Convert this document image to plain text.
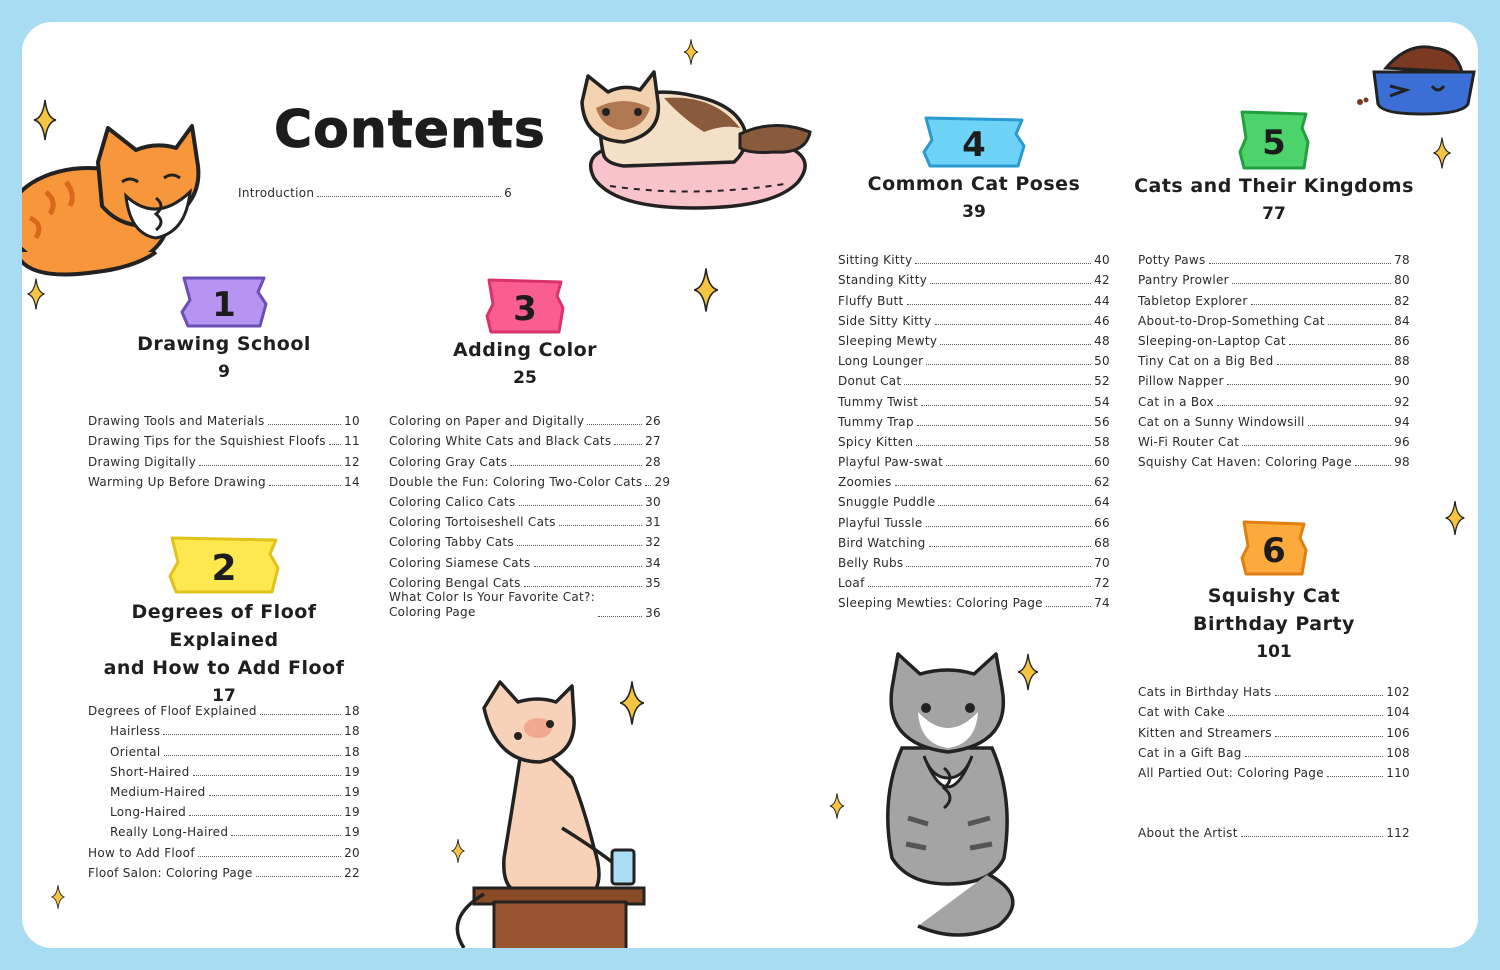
Contents
Introduction	6
1
Drawing School
9
Drawing Tools and Materials	10
Drawing Tips for the Squishiest Floofs 11
Drawing Digitally	12
Warming Up Before Drawing	14
2
Degrees of Floof Explained
and How to Add Floof
17
Degrees of Floof Explained	18
Hairless	18
Oriental	18
Short-Haired	19
Medium-Haired	19
Long-Haired	19
Really Long-Haired	19
How to Add Floof	20
Floof Salon: Coloring Page	22
3
Adding Color
25
Coloring on Paper and Digitally	26
Coloring White Cats and Black Cats	27
Coloring Gray Cats	28
Double the Fun: Coloring Two-Color Cats 29
Coloring Calico Cats	30
Coloring Tortoiseshell Cats	31
Coloring Tabby Cats	32
Coloring Siamese Cats	34
Coloring Bengal Cats	35
What Color Is Your Favorite Cat?:
Coloring Page	36
4
Common Cat Poses
39
Sitting Kitty	40
Standing Kitty	42
Fluffy Butt	44
Side Sitty Kitty	46
Sleeping Mewty	48
Long Lounger	50
Donut Cat	52
Tummy Twist	54
Tummy Trap	56
Spicy Kitten	58
Playful Paw-swat	60
Zoomies	62
Snuggle Puddle	64
Playful Tussle	66
Bird Watching	68
Belly Rubs	70
Loaf	72
Sleeping Mewties: Coloring Page	74
5
Cats and Their Kingdoms
77
Potty Paws	78
Pantry Prowler	80
Tabletop Explorer	82
About-to-Drop-Something Cat	84
Sleeping-on-Laptop Cat	86
Tiny Cat on a Big Bed	88
Pillow Napper	90
Cat in a Box	92
Cat on a Sunny Windowsill	94
Wi-Fi Router Cat	96
Squishy Cat Haven: Coloring Page	98
6
Squishy Cat
Birthday Party
101
Cats in Birthday Hats	102
Cat with Cake	104
Kitten and Streamers	106
Cat in a Gift Bag	108
All Partied Out: Coloring Page	110
About the Artist	112
